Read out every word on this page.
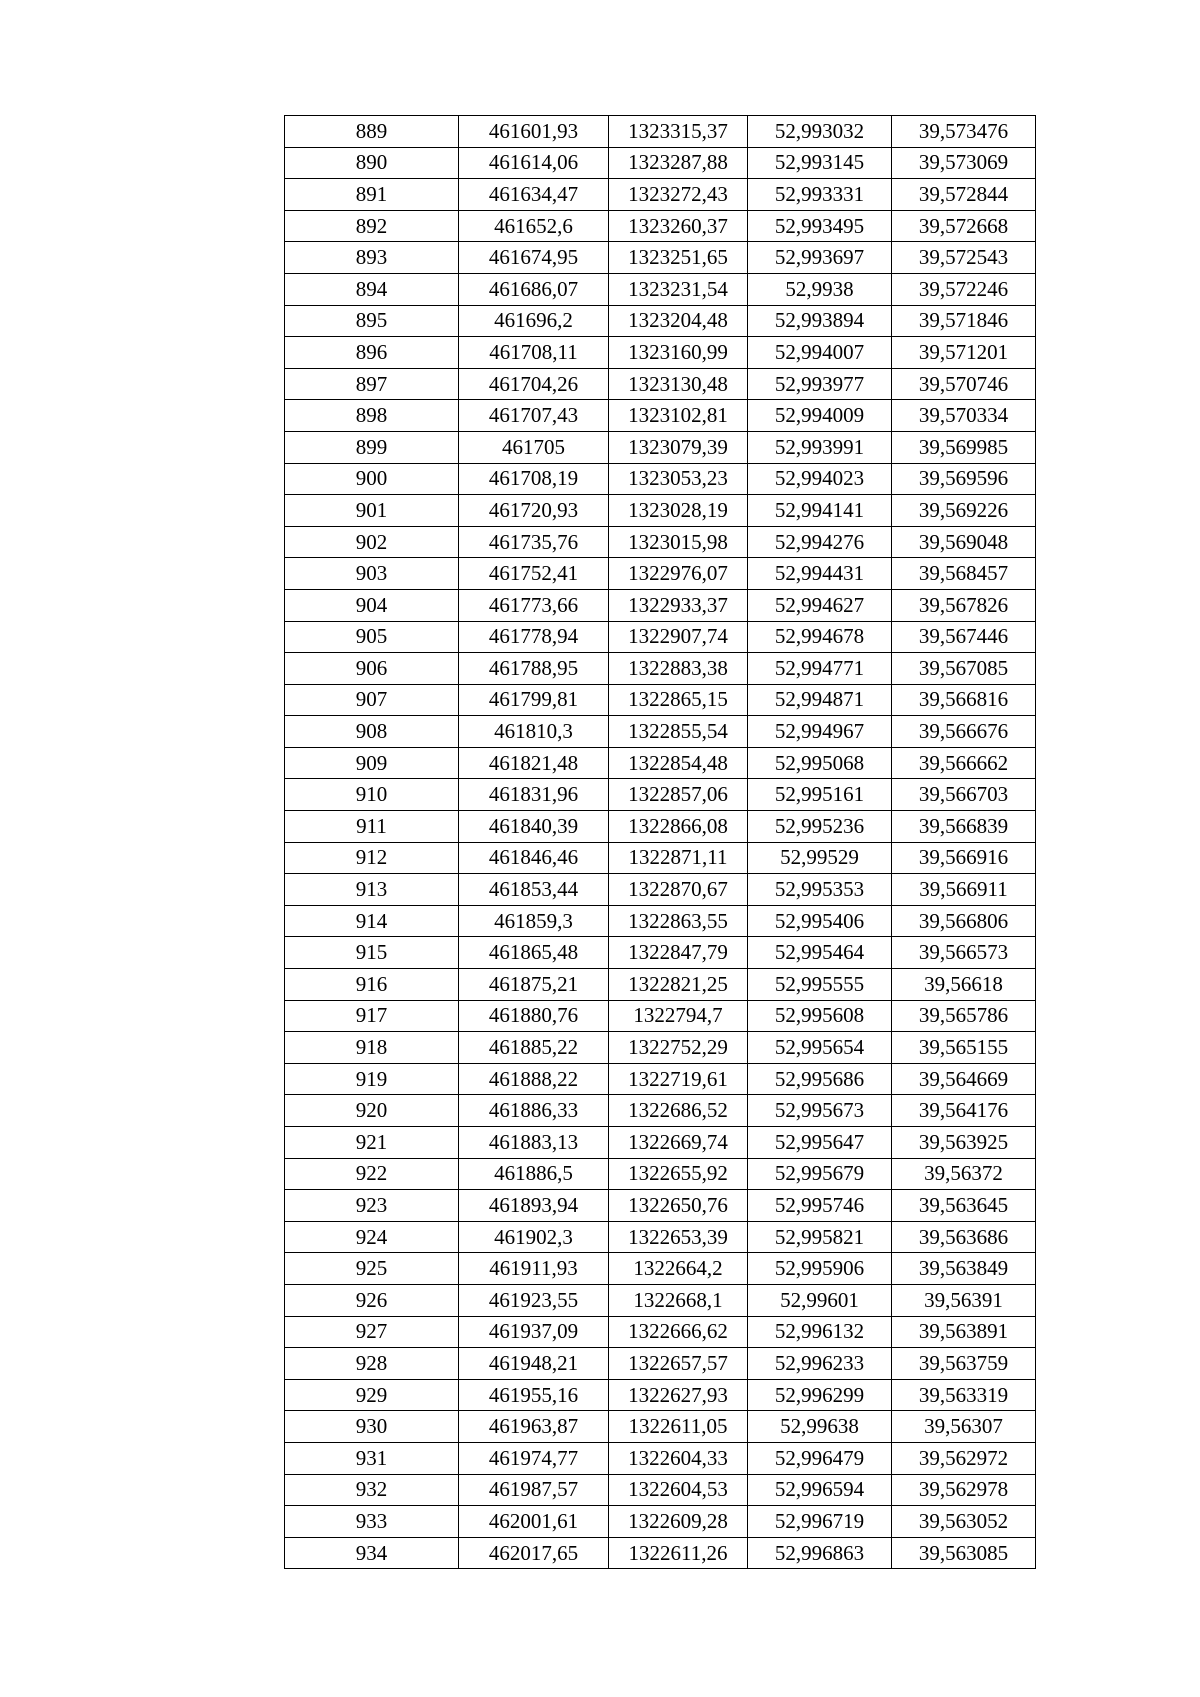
889	461601,93	1323315,37	52,993032	39,573476
890	461614,06	1323287,88	52,993145	39,573069
891	461634,47	1323272,43	52,993331	39,572844
892	461652,6	1323260,37	52,993495	39,572668
893	461674,95	1323251,65	52,993697	39,572543
894	461686,07	1323231,54	52,9938	39,572246
895	461696,2	1323204,48	52,993894	39,571846
896	461708,11	1323160,99	52,994007	39,571201
897	461704,26	1323130,48	52,993977	39,570746
898	461707,43	1323102,81	52,994009	39,570334
899	461705	1323079,39	52,993991	39,569985
900	461708,19	1323053,23	52,994023	39,569596
901	461720,93	1323028,19	52,994141	39,569226
902	461735,76	1323015,98	52,994276	39,569048
903	461752,41	1322976,07	52,994431	39,568457
904	461773,66	1322933,37	52,994627	39,567826
905	461778,94	1322907,74	52,994678	39,567446
906	461788,95	1322883,38	52,994771	39,567085
907	461799,81	1322865,15	52,994871	39,566816
908	461810,3	1322855,54	52,994967	39,566676
909	461821,48	1322854,48	52,995068	39,566662
910	461831,96	1322857,06	52,995161	39,566703
911	461840,39	1322866,08	52,995236	39,566839
912	461846,46	1322871,11	52,99529	39,566916
913	461853,44	1322870,67	52,995353	39,566911
914	461859,3	1322863,55	52,995406	39,566806
915	461865,48	1322847,79	52,995464	39,566573
916	461875,21	1322821,25	52,995555	39,56618
917	461880,76	1322794,7	52,995608	39,565786
918	461885,22	1322752,29	52,995654	39,565155
919	461888,22	1322719,61	52,995686	39,564669
920	461886,33	1322686,52	52,995673	39,564176
921	461883,13	1322669,74	52,995647	39,563925
922	461886,5	1322655,92	52,995679	39,56372
923	461893,94	1322650,76	52,995746	39,563645
924	461902,3	1322653,39	52,995821	39,563686
925	461911,93	1322664,2	52,995906	39,563849
926	461923,55	1322668,1	52,99601	39,56391
927	461937,09	1322666,62	52,996132	39,563891
928	461948,21	1322657,57	52,996233	39,563759
929	461955,16	1322627,93	52,996299	39,563319
930	461963,87	1322611,05	52,99638	39,56307
931	461974,77	1322604,33	52,996479	39,562972
932	461987,57	1322604,53	52,996594	39,562978
933	462001,61	1322609,28	52,996719	39,563052
934	462017,65	1322611,26	52,996863	39,563085
